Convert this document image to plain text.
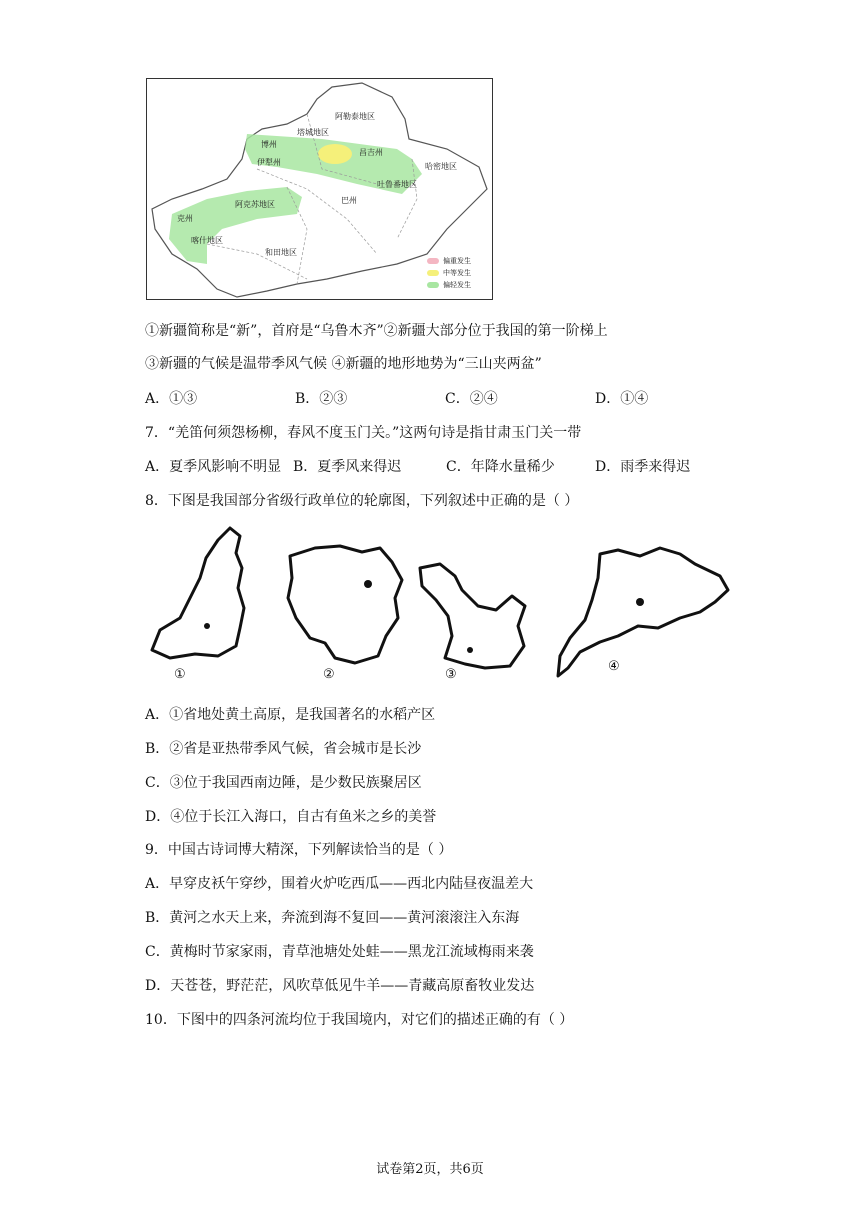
阿勒泰地区
塔城地区
博州
伊犁州
昌吉州
哈密地区
吐鲁番地区
巴州
阿克苏地区
克州
喀什地区
和田地区
偏重发生
中等发生
偏轻发生
①新疆简称是“新”，首府是“乌鲁木齐”②新疆大部分位于我国的第一阶梯上
③新疆的气候是温带季风气候 ④新疆的地形地势为“三山夹两盆”
A．①③	B．②③	C．②④	D．①④
7．“羌笛何须怨杨柳，春风不度玉门关。”这两句诗是指甘肃玉门关一带
A．夏季风影响不明显 B．夏季风来得迟	C．年降水量稀少	D．雨季来得迟
8．下图是我国部分省级行政单位的轮廓图，下列叙述中正确的是（ ）
①	②	③
④
A．①省地处黄土高原，是我国著名的水稻产区
B．②省是亚热带季风气候，省会城市是长沙
C．③位于我国西南边陲，是少数民族聚居区
D．④位于长江入海口，自古有鱼米之乡的美誉
9．中国古诗词博大精深，下列解读恰当的是（ ）
A．早穿皮袄午穿纱，围着火炉吃西瓜——西北内陆昼夜温差大
B．黄河之水天上来，奔流到海不复回——黄河滚滚注入东海
C．黄梅时节家家雨，青草池塘处处蛙——黑龙江流域梅雨来袭
D．天苍苍，野茫茫，风吹草低见牛羊——青藏高原畜牧业发达
10．下图中的四条河流均位于我国境内，对它们的描述正确的有（ ）
试卷第2页，共6页
